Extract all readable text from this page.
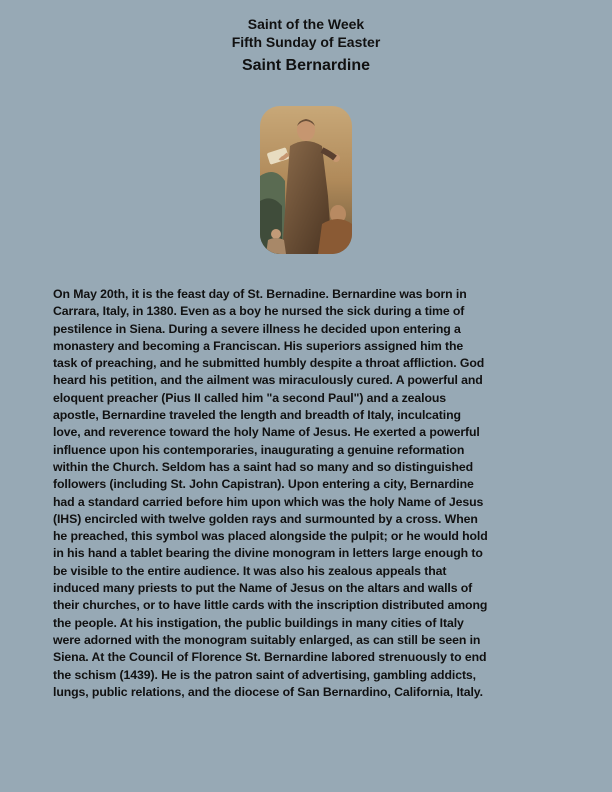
Saint of the Week
Fifth Sunday of Easter
Saint Bernardine
On May 20th, it is the feast day of St. Bernadine. Bernardine was born in
Carrara, Italy, in 1380. Even as a boy he nursed the sick during a time of
pestilence in Siena. During a severe illness he decided upon entering a
monastery and becoming a Franciscan. His superiors assigned him the
task of preaching, and he submitted humbly despite a throat affliction. God
heard his petition, and the ailment was miraculously cured. A powerful and
eloquent preacher (Pius II called him "a second Paul") and a zealous
apostle, Bernardine traveled the length and breadth of Italy, inculcating
love, and reverence toward the holy Name of Jesus. He exerted a powerful
influence upon his contemporaries, inaugurating a genuine reformation
within the Church. Seldom has a saint had so many and so distinguished
followers (including St. John Capistran). Upon entering a city, Bernardine
had a standard carried before him upon which was the holy Name of Jesus
(IHS) encircled with twelve golden rays and surmounted by a cross. When
he preached, this symbol was placed alongside the pulpit; or he would hold
in his hand a tablet bearing the divine monogram in letters large enough to
be visible to the entire audience. It was also his zealous appeals that
induced many priests to put the Name of Jesus on the altars and walls of
their churches, or to have little cards with the inscription distributed among
the people. At his instigation, the public buildings in many cities of Italy
were adorned with the monogram suitably enlarged, as can still be seen in
Siena. At the Council of Florence St. Bernardine labored strenuously to end
the schism (1439). He is the patron saint of advertising, gambling addicts,
lungs, public relations, and the diocese of San Bernardino, California, Italy.
